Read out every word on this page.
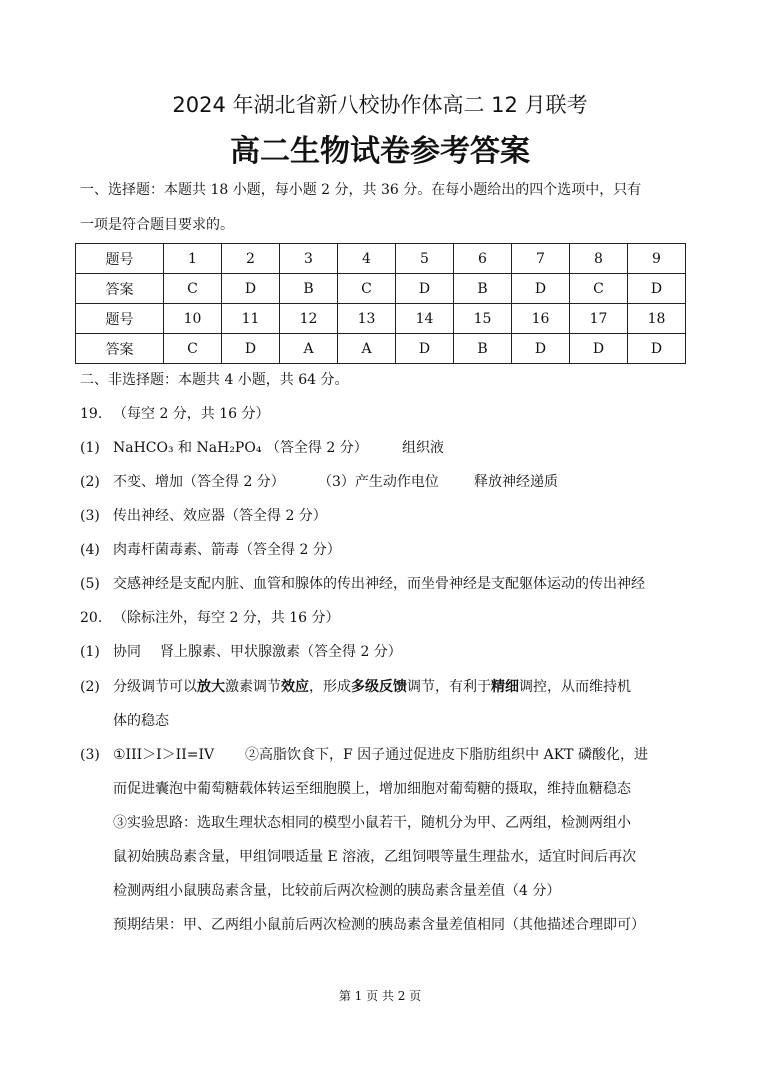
2024 年湖北省新八校协作体高二 12 月联考
高二生物试卷参考答案
一、选择题：本题共 18 小题，每小题 2 分，共 36 分。在每小题给出的四个选项中，只有
一项是符合题目要求的。
题号	1	2	3	4	5	6	7	8	9
答案	C	D	B	C	D	B	D	C	D
题号	10	11	12	13	14	15	16	17	18
答案	C	D	A	A	D	B	D	D	D
二、非选择题：本题共 4 小题，共 64 分。
19. （每空 2 分，共 16 分）
(1) NaHCO₃ 和 NaH₂PO₄ （答全得 2 分） 组织液
(2) 不变、增加（答全得 2 分） （3）产生动作电位	释放神经递质
(3) 传出神经、效应器（答全得 2 分）
(4) 肉毒杆菌毒素、箭毒（答全得 2 分）
(5) 交感神经是支配内脏、血管和腺体的传出神经，而坐骨神经是支配躯体运动的传出神经
20. （除标注外，每空 2 分，共 16 分）
(1) 协同 肾上腺素、甲状腺激素（答全得 2 分）
(2) 分级调节可以放大激素调节效应，形成多级反馈调节，有利于精细调控，从而维持机
体的稳态
(3) ①III＞I＞II=IV ②高脂饮食下，F 因子通过促进皮下脂肪组织中 AKT 磷酸化，进
而促进囊泡中葡萄糖载体转运至细胞膜上，增加细胞对葡萄糖的摄取，维持血糖稳态
③实验思路：选取生理状态相同的模型小鼠若干，随机分为甲、乙两组，检测两组小
鼠初始胰岛素含量，甲组饲喂适量 E 溶液，乙组饲喂等量生理盐水，适宜时间后再次
检测两组小鼠胰岛素含量，比较前后两次检测的胰岛素含量差值（4 分）
预期结果：甲、乙两组小鼠前后两次检测的胰岛素含量差值相同（其他描述合理即可）
第 1 页 共 2 页
